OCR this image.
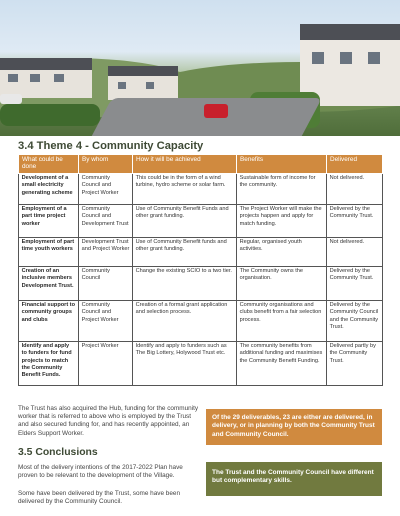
3.4 Theme 4 - Community Capacity
What could be done	By whom	How it will be achieved	Benefits	Delivered
Development of a small electricity generating scheme	Community Council and Project Worker	This could be in the form of a wind turbine, hydro scheme or solar farm.	Sustainable form of income for the community.	Not delivered.
Employment of a part time project worker	Community Council and Development Trust	Use of Community Benefit Funds and other grant funding.	The Project Worker will make the projects happen and apply for match funding.	Delivered by the Community Trust.
Employment of part time youth workers	Development Trust and Project Worker	Use of Community Benefit funds and other grant funding.	Regular, organised youth activities.	Not delivered.
Creation of an inclusive members Development Trust.	Community Council	Change the existing SCIO to a two tier.	The Community owns the organisation.	Delivered by the Community Trust.
Financial support to community groups and clubs	Community Council and Project Worker	Creation of a formal grant application and selection process.	Community organisations and clubs benefit from a fair selection process.	Delivered by the Community Council and the Community Trust.
Identify and apply to funders for fund projects to match the Community Benefit Funds.	Project Worker	Identify and apply to funders such as The Big Lottery, Holywood Trust etc.	The community benefits from additional funding and maximises the Community Benefit Funding.	Delivered partly by the Community Trust.
The Trust has also acquired the Hub, funding for the community worker that is referred to above who is employed by the Trust and also secured funding for, and has recently appointed, an Elders Support Worker.
Of the 29 deliverables, 23 are either are delivered, in delivery, or in planning by both the Community Trust and Community Council.
3.5 Conclusions
Most of the delivery intentions of the 2017-2022 Plan have proven to be relevant to the development of the Village.
Some have been delivered by the Trust, some have been delivered by the Community Council.
The Trust and the Community Council have different but complementary skills.
